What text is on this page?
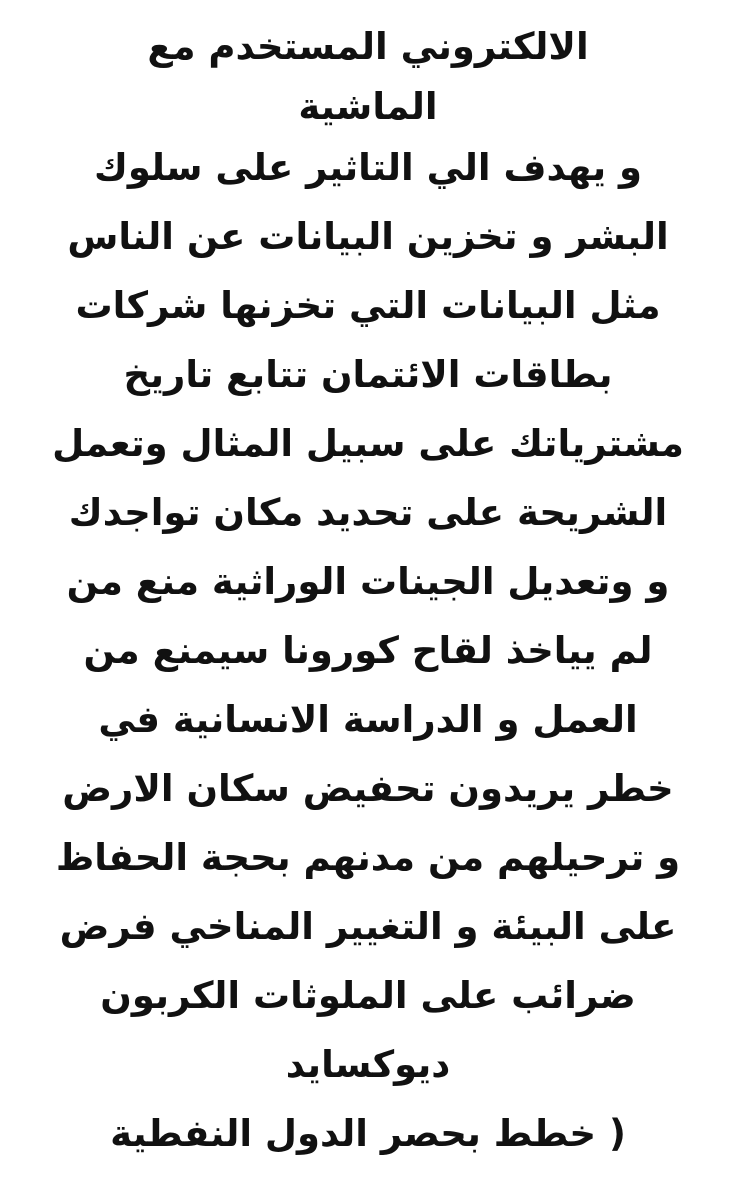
الالكتروني المستخدم مع
الماشية
و يهدف الي التاثير على سلوك
البشر و تخزين البيانات عن الناس
مثل البيانات التي تخزنها شركات
بطاقات الائتمان تتابع تاريخ
مشترياتك على سبيل المثال وتعمل
الشريحة على تحديد مكان تواجدك
و وتعديل الجينات الوراثية منع من
لم يياخذ لقاح كورونا سيمنع من
العمل و الدراسة الانسانية في
خطر يريدون تحفيض سكان الارض
و ترحيلهم من مدنهم بحجة الحفاظ
على البيئة و التغيير المناخي فرض
ضرائب على الملوثات الكربون
ديوكسايد
( خطط بحصر الدول النفطية
